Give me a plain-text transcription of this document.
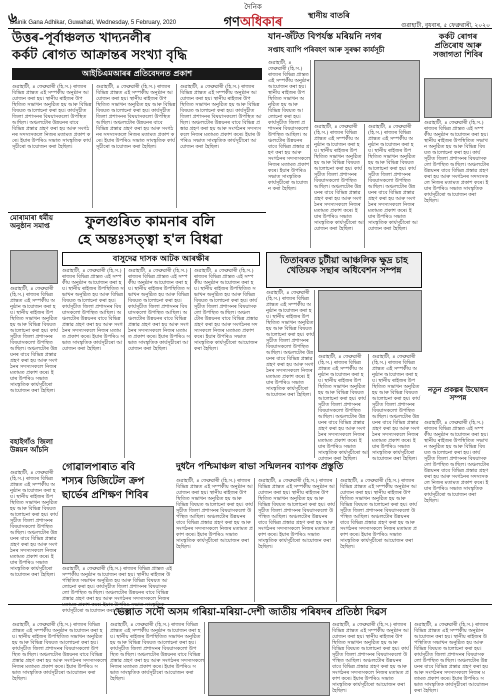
৬
দৈনিক
গণঅধিকাৰ	স্থানীয় বাতৰি
Dainik Gana Adhikar, Guwahati, Wednesday, 5 February, 2020	গুৱাহাটী, বুধবাৰ, ৫ ফেব্ৰুৱাৰী, ২০২০
উত্তৰ-পূৰ্বাঞ্চলত খাদ্যনলীৰ
কৰ্কট ৰোগত আক্ৰান্তৰ সংখ্যা বৃদ্ধি
আইচিএমআৰৰ প্ৰতিবেদনত প্ৰকাশ
গুৱাহাটী, ৪ ফেব্ৰুৱাৰী (হি.স.) ৰাজ্যৰ বিভিন্ন প্ৰান্তত এই সম্পৰ্কীয় অনুষ্ঠান আয়োজন কৰা হয়। স্থানীয় ৰাইজৰ উপস্থিতিত সভাখন অনুষ্ঠিত হয় আৰু বিভিন্ন বিষয়ত আলোচনা কৰা হয়। কাৰ্যসূচীত জিলা প্ৰশাসনৰ বিষয়াসকলো উপস্থিত আছিল। অঞ্চলটোৰ উন্নয়নৰ বাবে বিভিন্ন প্ৰস্তাৱ গ্ৰহণ কৰা হয় আৰু সংগঠনৰ সদস্যসকলে নিজৰ মতামত প্ৰকাশ কৰে। ইয়াৰ উপৰিও সভাত সাংস্কৃতিক কাৰ্যসূচীৰো আয়োজন কৰা হৈছিল।
গুৱাহাটী, ৪ ফেব্ৰুৱাৰী (হি.স.) ৰাজ্যৰ বিভিন্ন প্ৰান্তত এই সম্পৰ্কীয় অনুষ্ঠান আয়োজন কৰা হয়। স্থানীয় ৰাইজৰ উপস্থিতিত সভাখন অনুষ্ঠিত হয় আৰু বিভিন্ন বিষয়ত আলোচনা কৰা হয়। কাৰ্যসূচীত জিলা প্ৰশাসনৰ বিষয়াসকলো উপস্থিত আছিল। অঞ্চলটোৰ উন্নয়নৰ বাবে বিভিন্ন প্ৰস্তাৱ গ্ৰহণ কৰা হয় আৰু সংগঠনৰ সদস্যসকলে নিজৰ মতামত প্ৰকাশ কৰে। ইয়াৰ উপৰিও সভাত সাংস্কৃতিক কাৰ্যসূচীৰো আয়োজন কৰা হৈছিল।
গুৱাহাটী, ৪ ফেব্ৰুৱাৰী (হি.স.) ৰাজ্যৰ বিভিন্ন প্ৰান্তত এই সম্পৰ্কীয় অনুষ্ঠান আয়োজন কৰা হয়। স্থানীয় ৰাইজৰ উপস্থিতিত সভাখন অনুষ্ঠিত হয় আৰু বিভিন্ন বিষয়ত আলোচনা কৰা হয়। কাৰ্যসূচীত জিলা প্ৰশাসনৰ বিষয়াসকলো উপস্থিত আছিল। অঞ্চলটোৰ উন্নয়নৰ বাবে বিভিন্ন প্ৰস্তাৱ গ্ৰহণ কৰা হয় আৰু সংগঠনৰ সদস্যসকলে নিজৰ মতামত প্ৰকাশ কৰে। ইয়াৰ উপৰিও সভাত সাংস্কৃতিক কাৰ্যসূচীৰো আয়োজন কৰা হৈছিল।
যান-জঁটত বিপৰ্যস্ত মৰিয়নি নগৰ
সপ্তাহ ব্যাপি পৰিবহণ আৰু সুৰক্ষা কাৰ্যসূচী
গুৱাহাটী, ৪ ফেব্ৰুৱাৰী (হি.স.) ৰাজ্যৰ বিভিন্ন প্ৰান্তত এই সম্পৰ্কীয় অনুষ্ঠান আয়োজন কৰা হয়। স্থানীয় ৰাইজৰ উপস্থিতিত সভাখন অনুষ্ঠিত হয় আৰু বিভিন্ন বিষয়ত আলোচনা কৰা হয়। কাৰ্যসূচীত জিলা প্ৰশাসনৰ বিষয়াসকলো উপস্থিত আছিল। অঞ্চলটোৰ উন্নয়নৰ বাবে বিভিন্ন প্ৰস্তাৱ গ্ৰহণ কৰা হয় আৰু সংগঠনৰ সদস্যসকলে নিজৰ মতামত প্ৰকাশ কৰে। ইয়াৰ উপৰিও সভাত সাংস্কৃতিক কাৰ্যসূচীৰো আয়োজন কৰা হৈছিল।
গুৱাহাটী, ৪ ফেব্ৰুৱাৰী (হি.স.) ৰাজ্যৰ বিভিন্ন প্ৰান্তত এই সম্পৰ্কীয় অনুষ্ঠান আয়োজন কৰা হয়। স্থানীয় ৰাইজৰ উপস্থিতিত সভাখন অনুষ্ঠিত হয় আৰু বিভিন্ন বিষয়ত আলোচনা কৰা হয়। কাৰ্যসূচীত জিলা প্ৰশাসনৰ বিষয়াসকলো উপস্থিত আছিল। অঞ্চলটোৰ উন্নয়নৰ বাবে বিভিন্ন প্ৰস্তাৱ গ্ৰহণ কৰা হয় আৰু সংগঠনৰ সদস্যসকলে নিজৰ মতামত প্ৰকাশ কৰে। ইয়াৰ উপৰিও সভাত সাংস্কৃতিক কাৰ্যসূচীৰো আয়োজন কৰা হৈছিল।
গুৱাহাটী, ৪ ফেব্ৰুৱাৰী (হি.স.) ৰাজ্যৰ বিভিন্ন প্ৰান্তত এই সম্পৰ্কীয় অনুষ্ঠান আয়োজন কৰা হয়। স্থানীয় ৰাইজৰ উপস্থিতিত সভাখন অনুষ্ঠিত হয় আৰু বিভিন্ন বিষয়ত আলোচনা কৰা হয়। কাৰ্যসূচীত জিলা প্ৰশাসনৰ বিষয়াসকলো উপস্থিত আছিল। অঞ্চলটোৰ উন্নয়নৰ বাবে বিভিন্ন প্ৰস্তাৱ গ্ৰহণ কৰা হয় আৰু সংগঠনৰ সদস্যসকলে নিজৰ মতামত প্ৰকাশ কৰে। ইয়াৰ উপৰিও সভাত সাংস্কৃতিক কাৰ্যসূচীৰো আয়োজন কৰা হৈছিল।
কৰ্কট ৰোগৰ প্ৰতিৰোধ আৰু সজাগতা শিবিৰ
গুৱাহাটী, ৪ ফেব্ৰুৱাৰী (হি.স.) ৰাজ্যৰ বিভিন্ন প্ৰান্তত এই সম্পৰ্কীয় অনুষ্ঠান আয়োজন কৰা হয়। স্থানীয় ৰাইজৰ উপস্থিতিত সভাখন অনুষ্ঠিত হয় আৰু বিভিন্ন বিষয়ত আলোচনা কৰা হয়। কাৰ্যসূচীত জিলা প্ৰশাসনৰ বিষয়াসকলো উপস্থিত আছিল। অঞ্চলটোৰ উন্নয়নৰ বাবে বিভিন্ন প্ৰস্তাৱ গ্ৰহণ কৰা হয় আৰু সংগঠনৰ সদস্যসকলে নিজৰ মতামত প্ৰকাশ কৰে। ইয়াৰ উপৰিও সভাত সাংস্কৃতিক কাৰ্যসূচীৰো আয়োজন কৰা হৈছিল।
ফুলগুৰিত কামনাৰ বলি
হে অন্তঃসত্ত্বা হ'ল বিধৱা
বাসুদেৱ দাসক আটক আৰক্ষীৰ
গুৱাহাটী, ৪ ফেব্ৰুৱাৰী (হি.স.) ৰাজ্যৰ বিভিন্ন প্ৰান্তত এই সম্পৰ্কীয় অনুষ্ঠান আয়োজন কৰা হয়। স্থানীয় ৰাইজৰ উপস্থিতিত সভাখন অনুষ্ঠিত হয় আৰু বিভিন্ন বিষয়ত আলোচনা কৰা হয়। কাৰ্যসূচীত জিলা প্ৰশাসনৰ বিষয়াসকলো উপস্থিত আছিল। অঞ্চলটোৰ উন্নয়নৰ বাবে বিভিন্ন প্ৰস্তাৱ গ্ৰহণ কৰা হয় আৰু সংগঠনৰ সদস্যসকলে নিজৰ মতামত প্ৰকাশ কৰে। ইয়াৰ উপৰিও সভাত সাংস্কৃতিক কাৰ্যসূচীৰো আয়োজন কৰা হৈছিল।
গুৱাহাটী, ৪ ফেব্ৰুৱাৰী (হি.স.) ৰাজ্যৰ বিভিন্ন প্ৰান্তত এই সম্পৰ্কীয় অনুষ্ঠান আয়োজন কৰা হয়। স্থানীয় ৰাইজৰ উপস্থিতিত সভাখন অনুষ্ঠিত হয় আৰু বিভিন্ন বিষয়ত আলোচনা কৰা হয়। কাৰ্যসূচীত জিলা প্ৰশাসনৰ বিষয়াসকলো উপস্থিত আছিল। অঞ্চলটোৰ উন্নয়নৰ বাবে বিভিন্ন প্ৰস্তাৱ গ্ৰহণ কৰা হয় আৰু সংগঠনৰ সদস্যসকলে নিজৰ মতামত প্ৰকাশ কৰে। ইয়াৰ উপৰিও সভাত সাংস্কৃতিক কাৰ্যসূচীৰো আয়োজন কৰা হৈছিল।
গুৱাহাটী, ৪ ফেব্ৰুৱাৰী (হি.স.) ৰাজ্যৰ বিভিন্ন প্ৰান্তত এই সম্পৰ্কীয় অনুষ্ঠান আয়োজন কৰা হয়। স্থানীয় ৰাইজৰ উপস্থিতিত সভাখন অনুষ্ঠিত হয় আৰু বিভিন্ন বিষয়ত আলোচনা কৰা হয়। কাৰ্যসূচীত জিলা প্ৰশাসনৰ বিষয়াসকলো উপস্থিত আছিল। অঞ্চলটোৰ উন্নয়নৰ বাবে বিভিন্ন প্ৰস্তাৱ গ্ৰহণ কৰা হয় আৰু সংগঠনৰ সদস্যসকলে নিজৰ মতামত প্ৰকাশ কৰে। ইয়াৰ উপৰিও সভাত সাংস্কৃতিক কাৰ্যসূচীৰো আয়োজন কৰা হৈছিল।
মোৰামাৰা ধৰ্মীয় অনুষ্ঠান সমাপ্ত
গুৱাহাটী, ৪ ফেব্ৰুৱাৰী (হি.স.) ৰাজ্যৰ বিভিন্ন প্ৰান্তত এই সম্পৰ্কীয় অনুষ্ঠান আয়োজন কৰা হয়। স্থানীয় ৰাইজৰ উপস্থিতিত সভাখন অনুষ্ঠিত হয় আৰু বিভিন্ন বিষয়ত আলোচনা কৰা হয়। কাৰ্যসূচীত জিলা প্ৰশাসনৰ বিষয়াসকলো উপস্থিত আছিল। অঞ্চলটোৰ উন্নয়নৰ বাবে বিভিন্ন প্ৰস্তাৱ গ্ৰহণ কৰা হয় আৰু সংগঠনৰ সদস্যসকলে নিজৰ মতামত প্ৰকাশ কৰে। ইয়াৰ উপৰিও সভাত সাংস্কৃতিক কাৰ্যসূচীৰো আয়োজন কৰা হৈছিল।
বহাইগাঁও জিলা উন্নয়ন আঁচনি
গুৱাহাটী, ৪ ফেব্ৰুৱাৰী (হি.স.) ৰাজ্যৰ বিভিন্ন প্ৰান্তত এই সম্পৰ্কীয় অনুষ্ঠান আয়োজন কৰা হয়। স্থানীয় ৰাইজৰ উপস্থিতিত সভাখন অনুষ্ঠিত হয় আৰু বিভিন্ন বিষয়ত আলোচনা কৰা হয়। কাৰ্যসূচীত জিলা প্ৰশাসনৰ বিষয়াসকলো উপস্থিত আছিল। অঞ্চলটোৰ উন্নয়নৰ বাবে বিভিন্ন প্ৰস্তাৱ গ্ৰহণ কৰা হয় আৰু সংগঠনৰ সদস্যসকলে নিজৰ মতামত প্ৰকাশ কৰে। ইয়াৰ উপৰিও সভাত সাংস্কৃতিক কাৰ্যসূচীৰো আয়োজন কৰা হৈছিল।
তিতাবৰত চুটীয়া আঞ্চলিক ক্ষুদ্ৰ চাহ
খেতিয়ক সন্থাৰ অধিবেশন সম্পন্ন
গুৱাহাটী, ৪ ফেব্ৰুৱাৰী (হি.স.) ৰাজ্যৰ বিভিন্ন প্ৰান্তত এই সম্পৰ্কীয় অনুষ্ঠান আয়োজন কৰা হয়। স্থানীয় ৰাইজৰ উপস্থিতিত সভাখন অনুষ্ঠিত হয় আৰু বিভিন্ন বিষয়ত আলোচনা কৰা হয়। কাৰ্যসূচীত জিলা প্ৰশাসনৰ বিষয়াসকলো উপস্থিত আছিল। অঞ্চলটোৰ উন্নয়নৰ বাবে বিভিন্ন প্ৰস্তাৱ গ্ৰহণ কৰা হয় আৰু সংগঠনৰ সদস্যসকলে নিজৰ মতামত প্ৰকাশ কৰে। ইয়াৰ উপৰিও সভাত সাংস্কৃতিক কাৰ্যসূচীৰো আয়োজন কৰা হৈছিল।
গুৱাহাটী, ৪ ফেব্ৰুৱাৰী (হি.স.) ৰাজ্যৰ বিভিন্ন প্ৰান্তত এই সম্পৰ্কীয় অনুষ্ঠান আয়োজন কৰা হয়। স্থানীয় ৰাইজৰ উপস্থিতিত সভাখন অনুষ্ঠিত হয় আৰু বিভিন্ন বিষয়ত আলোচনা কৰা হয়। কাৰ্যসূচীত জিলা প্ৰশাসনৰ বিষয়াসকলো উপস্থিত আছিল। অঞ্চলটোৰ উন্নয়নৰ বাবে বিভিন্ন প্ৰস্তাৱ গ্ৰহণ কৰা হয় আৰু সংগঠনৰ সদস্যসকলে নিজৰ মতামত প্ৰকাশ কৰে। ইয়াৰ উপৰিও সভাত সাংস্কৃতিক কাৰ্যসূচীৰো আয়োজন কৰা হৈছিল।
গুৱাহাটী, ৪ ফেব্ৰুৱাৰী (হি.স.) ৰাজ্যৰ বিভিন্ন প্ৰান্তত এই সম্পৰ্কীয় অনুষ্ঠান আয়োজন কৰা হয়। স্থানীয় ৰাইজৰ উপস্থিতিত সভাখন অনুষ্ঠিত হয় আৰু বিভিন্ন বিষয়ত আলোচনা কৰা হয়। কাৰ্যসূচীত জিলা প্ৰশাসনৰ বিষয়াসকলো উপস্থিত আছিল। অঞ্চলটোৰ উন্নয়নৰ বাবে বিভিন্ন প্ৰস্তাৱ গ্ৰহণ কৰা হয় আৰু সংগঠনৰ সদস্যসকলে নিজৰ মতামত প্ৰকাশ কৰে। ইয়াৰ উপৰিও সভাত সাংস্কৃতিক কাৰ্যসূচীৰো আয়োজন কৰা হৈছিল।
নতুন প্ৰকল্পৰ উদ্বোধন সম্পন্ন
গুৱাহাটী, ৪ ফেব্ৰুৱাৰী (হি.স.) ৰাজ্যৰ বিভিন্ন প্ৰান্তত এই সম্পৰ্কীয় অনুষ্ঠান আয়োজন কৰা হয়। স্থানীয় ৰাইজৰ উপস্থিতিত সভাখন অনুষ্ঠিত হয় আৰু বিভিন্ন বিষয়ত আলোচনা কৰা হয়। কাৰ্যসূচীত জিলা প্ৰশাসনৰ বিষয়াসকলো উপস্থিত আছিল। অঞ্চলটোৰ উন্নয়নৰ বাবে বিভিন্ন প্ৰস্তাৱ গ্ৰহণ কৰা হয় আৰু সংগঠনৰ সদস্যসকলে নিজৰ মতামত প্ৰকাশ কৰে। ইয়াৰ উপৰিও সভাত সাংস্কৃতিক কাৰ্যসূচীৰো আয়োজন কৰা হৈছিল।
গোৱালপাৰাত ৰবি
শস্যৰ ডিজিটেল ক্ৰপ
ছাৰ্ভেৰ প্ৰশিক্ষণ শিবিৰ
গুৱাহাটী, ৪ ফেব্ৰুৱাৰী (হি.স.) ৰাজ্যৰ বিভিন্ন প্ৰান্তত এই সম্পৰ্কীয় অনুষ্ঠান আয়োজন কৰা হয়। স্থানীয় ৰাইজৰ উপস্থিতিত সভাখন অনুষ্ঠিত হয় আৰু বিভিন্ন বিষয়ত আলোচনা কৰা হয়। কাৰ্যসূচীত জিলা প্ৰশাসনৰ বিষয়াসকলো উপস্থিত আছিল। অঞ্চলটোৰ উন্নয়নৰ বাবে বিভিন্ন প্ৰস্তাৱ গ্ৰহণ কৰা হয় আৰু সংগঠনৰ সদস্যসকলে নিজৰ মতামত প্ৰকাশ কৰে। ইয়াৰ উপৰিও সভাত সাংস্কৃতিক কাৰ্যসূচীৰো আয়োজন কৰা হৈছিল।
দুধনৈ পশ্চিমাঞ্চল ৰাভা সন্মিলনৰ ব্যাপক প্ৰস্তুতি
গুৱাহাটী, ৪ ফেব্ৰুৱাৰী (হি.স.) ৰাজ্যৰ বিভিন্ন প্ৰান্তত এই সম্পৰ্কীয় অনুষ্ঠান আয়োজন কৰা হয়। স্থানীয় ৰাইজৰ উপস্থিতিত সভাখন অনুষ্ঠিত হয় আৰু বিভিন্ন বিষয়ত আলোচনা কৰা হয়। কাৰ্যসূচীত জিলা প্ৰশাসনৰ বিষয়াসকলো উপস্থিত আছিল। অঞ্চলটোৰ উন্নয়নৰ বাবে বিভিন্ন প্ৰস্তাৱ গ্ৰহণ কৰা হয় আৰু সংগঠনৰ সদস্যসকলে নিজৰ মতামত প্ৰকাশ কৰে। ইয়াৰ উপৰিও সভাত সাংস্কৃতিক কাৰ্যসূচীৰো আয়োজন কৰা হৈছিল।
গুৱাহাটী, ৪ ফেব্ৰুৱাৰী (হি.স.) ৰাজ্যৰ বিভিন্ন প্ৰান্তত এই সম্পৰ্কীয় অনুষ্ঠান আয়োজন কৰা হয়। স্থানীয় ৰাইজৰ উপস্থিতিত সভাখন অনুষ্ঠিত হয় আৰু বিভিন্ন বিষয়ত আলোচনা কৰা হয়। কাৰ্যসূচীত জিলা প্ৰশাসনৰ বিষয়াসকলো উপস্থিত আছিল। অঞ্চলটোৰ উন্নয়নৰ বাবে বিভিন্ন প্ৰস্তাৱ গ্ৰহণ কৰা হয় আৰু সংগঠনৰ সদস্যসকলে নিজৰ মতামত প্ৰকাশ কৰে। ইয়াৰ উপৰিও সভাত সাংস্কৃতিক কাৰ্যসূচীৰো আয়োজন কৰা হৈছিল।
গুৱাহাটী, ৪ ফেব্ৰুৱাৰী (হি.স.) ৰাজ্যৰ বিভিন্ন প্ৰান্তত এই সম্পৰ্কীয় অনুষ্ঠান আয়োজন কৰা হয়। স্থানীয় ৰাইজৰ উপস্থিতিত সভাখন অনুষ্ঠিত হয় আৰু বিভিন্ন বিষয়ত আলোচনা কৰা হয়। কাৰ্যসূচীত জিলা প্ৰশাসনৰ বিষয়াসকলো উপস্থিত আছিল। অঞ্চলটোৰ উন্নয়নৰ বাবে বিভিন্ন প্ৰস্তাৱ গ্ৰহণ কৰা হয় আৰু সংগঠনৰ সদস্যসকলে নিজৰ মতামত প্ৰকাশ কৰে। ইয়াৰ উপৰিও সভাত সাংস্কৃতিক কাৰ্যসূচীৰো আয়োজন কৰা হৈছিল।
ভেল্লাত সদৌ অসম গৰিয়া-মৰিয়া-দেশী জাতীয় পৰিষদৰ প্ৰতিষ্ঠা দিৱস
গুৱাহাটী, ৪ ফেব্ৰুৱাৰী (হি.স.) ৰাজ্যৰ বিভিন্ন প্ৰান্তত এই সম্পৰ্কীয় অনুষ্ঠান আয়োজন কৰা হয়। স্থানীয় ৰাইজৰ উপস্থিতিত সভাখন অনুষ্ঠিত হয় আৰু বিভিন্ন বিষয়ত আলোচনা কৰা হয়। কাৰ্যসূচীত জিলা প্ৰশাসনৰ বিষয়াসকলো উপস্থিত আছিল। অঞ্চলটোৰ উন্নয়নৰ বাবে বিভিন্ন প্ৰস্তাৱ গ্ৰহণ কৰা হয় আৰু সংগঠনৰ সদস্যসকলে নিজৰ মতামত প্ৰকাশ কৰে। ইয়াৰ উপৰিও সভাত সাংস্কৃতিক কাৰ্যসূচীৰো আয়োজন কৰা হৈছিল।
গুৱাহাটী, ৪ ফেব্ৰুৱাৰী (হি.স.) ৰাজ্যৰ বিভিন্ন প্ৰান্তত এই সম্পৰ্কীয় অনুষ্ঠান আয়োজন কৰা হয়। স্থানীয় ৰাইজৰ উপস্থিতিত সভাখন অনুষ্ঠিত হয় আৰু বিভিন্ন বিষয়ত আলোচনা কৰা হয়। কাৰ্যসূচীত জিলা প্ৰশাসনৰ বিষয়াসকলো উপস্থিত আছিল। অঞ্চলটোৰ উন্নয়নৰ বাবে বিভিন্ন প্ৰস্তাৱ গ্ৰহণ কৰা হয় আৰু সংগঠনৰ সদস্যসকলে নিজৰ মতামত প্ৰকাশ কৰে। ইয়াৰ উপৰিও সভাত সাংস্কৃতিক কাৰ্যসূচীৰো আয়োজন কৰা হৈছিল।
গুৱাহাটী, ৪ ফেব্ৰুৱাৰী (হি.স.) ৰাজ্যৰ বিভিন্ন প্ৰান্তত এই সম্পৰ্কীয় অনুষ্ঠান আয়োজন কৰা হয়। স্থানীয় ৰাইজৰ উপস্থিতিত সভাখন অনুষ্ঠিত হয় আৰু বিভিন্ন বিষয়ত আলোচনা কৰা হয়। কাৰ্যসূচীত জিলা প্ৰশাসনৰ বিষয়াসকলো উপস্থিত আছিল। অঞ্চলটোৰ উন্নয়নৰ বাবে বিভিন্ন প্ৰস্তাৱ গ্ৰহণ কৰা হয় আৰু সংগঠনৰ সদস্যসকলে নিজৰ মতামত প্ৰকাশ কৰে। ইয়াৰ উপৰিও সভাত সাংস্কৃতিক কাৰ্যসূচীৰো আয়োজন কৰা হৈছিল।
গুৱাহাটী, ৪ ফেব্ৰুৱাৰী (হি.স.) ৰাজ্যৰ বিভিন্ন প্ৰান্তত এই সম্পৰ্কীয় অনুষ্ঠান আয়োজন কৰা হয়। স্থানীয় ৰাইজৰ উপস্থিতিত সভাখন অনুষ্ঠিত হয় আৰু বিভিন্ন বিষয়ত আলোচনা কৰা হয়। কাৰ্যসূচীত জিলা প্ৰশাসনৰ বিষয়াসকলো উপস্থিত আছিল। অঞ্চলটোৰ উন্নয়নৰ বাবে বিভিন্ন প্ৰস্তাৱ গ্ৰহণ কৰা হয় আৰু সংগঠনৰ সদস্যসকলে নিজৰ মতামত প্ৰকাশ কৰে। ইয়াৰ উপৰিও সভাত সাংস্কৃতিক কাৰ্যসূচীৰো আয়োজন কৰা হৈছিল।
